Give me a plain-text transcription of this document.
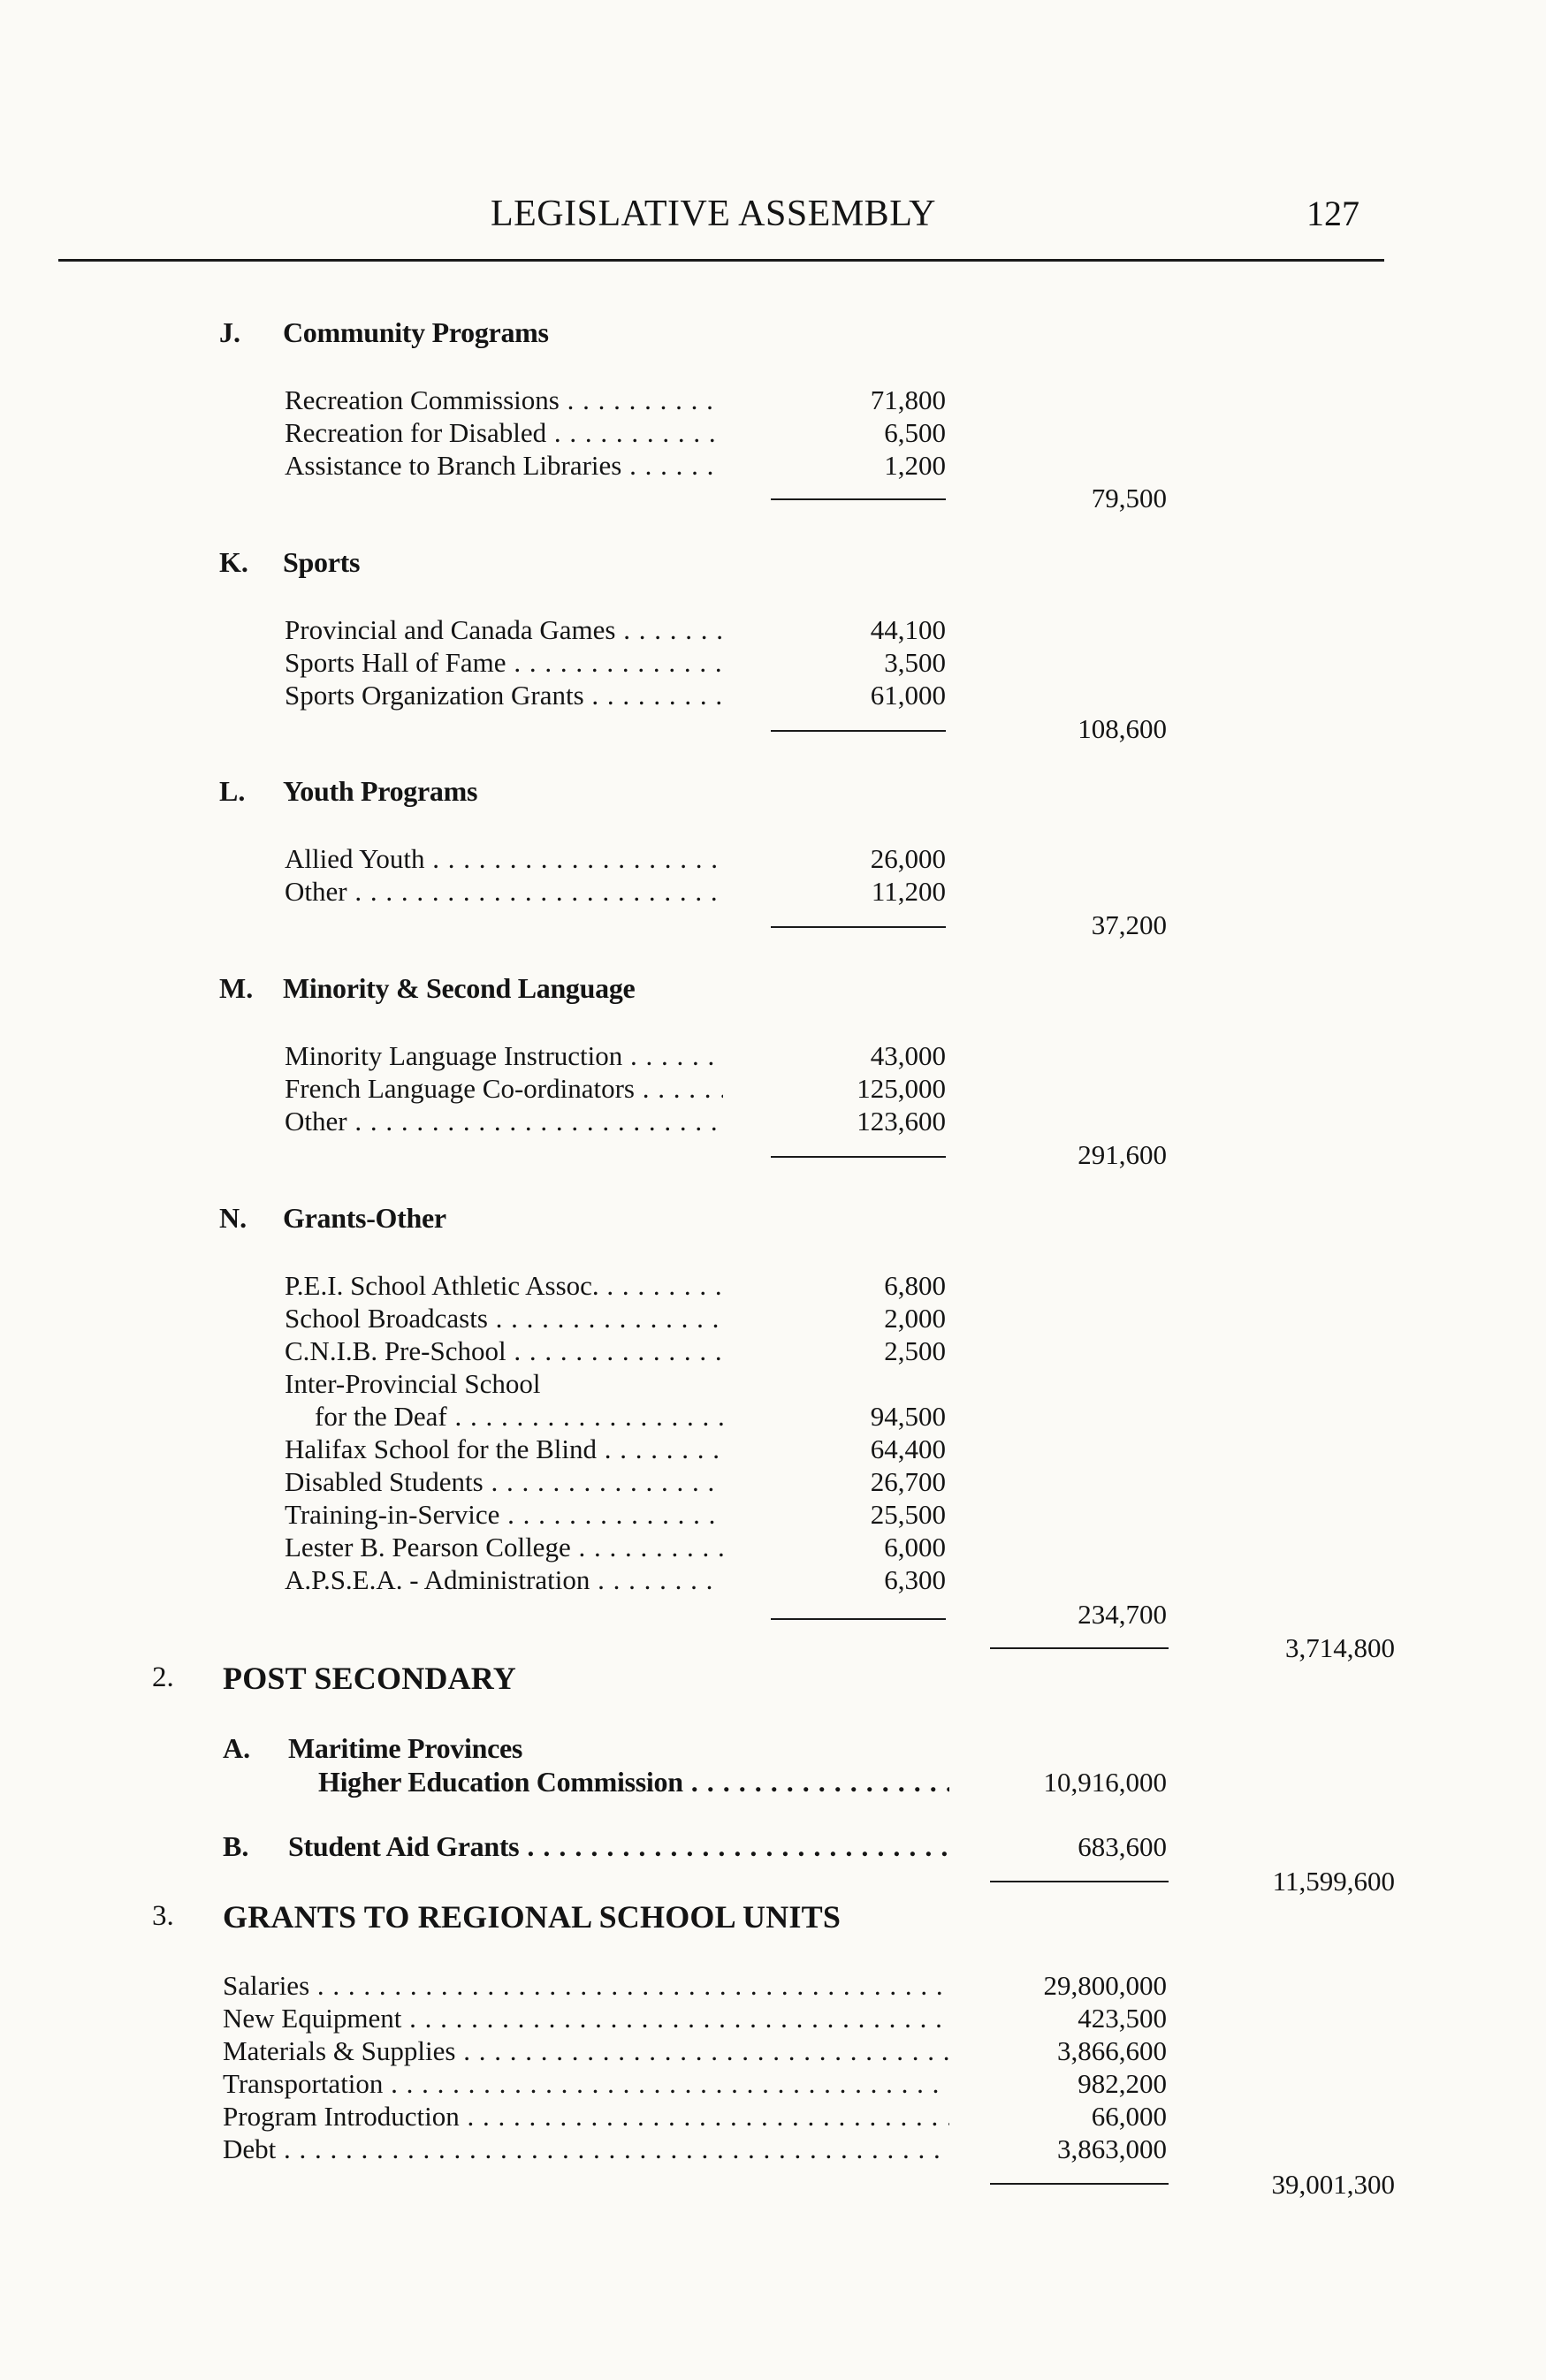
LEGISLATIVE ASSEMBLY	127
J. Community Programs
Recreation Commissions . . .	71,800
Recreation for Disabled . . .	6,500
Assistance to Branch Libraries . . .	1,200
79,500
K. Sports
Provincial and Canada Games . . .	44,100
Sports Hall of Fame . . .	3,500
Sports Organization Grants . . .	61,000
108,600
L. Youth Programs
Allied Youth . . .	26,000
Other . . .	11,200
37,200
M. Minority & Second Language
Minority Language Instruction . . .	43,000
French Language Co-ordinators . . .	125,000
Other . . .	123,600
291,600
N. Grants-Other
P.E.I. School Athletic Assoc. . . .	6,800
School Broadcasts . . .	2,000
C.N.I.B. Pre-School . . .	2,500
Inter-Provincial School
for the Deaf . . .	94,500
Halifax School for the Blind . . .	64,400
Disabled Students . . .	26,700
Training-in-Service . . .	25,500
Lester B. Pearson College . . .	6,000
A.P.S.E.A. - Administration . . .	6,300
234,700
3,714,800
2. POST SECONDARY
A. Maritime Provinces
Higher Education Commission . . .	10,916,000
B. Student Aid Grants . . .	683,600
11,599,600
3. GRANTS TO REGIONAL SCHOOL UNITS
Salaries . . .	29,800,000
New Equipment . . .	423,500
Materials & Supplies . . .	3,866,600
Transportation . . .	982,200
Program Introduction . . .	66,000
Debt . . .	3,863,000
39,001,300
